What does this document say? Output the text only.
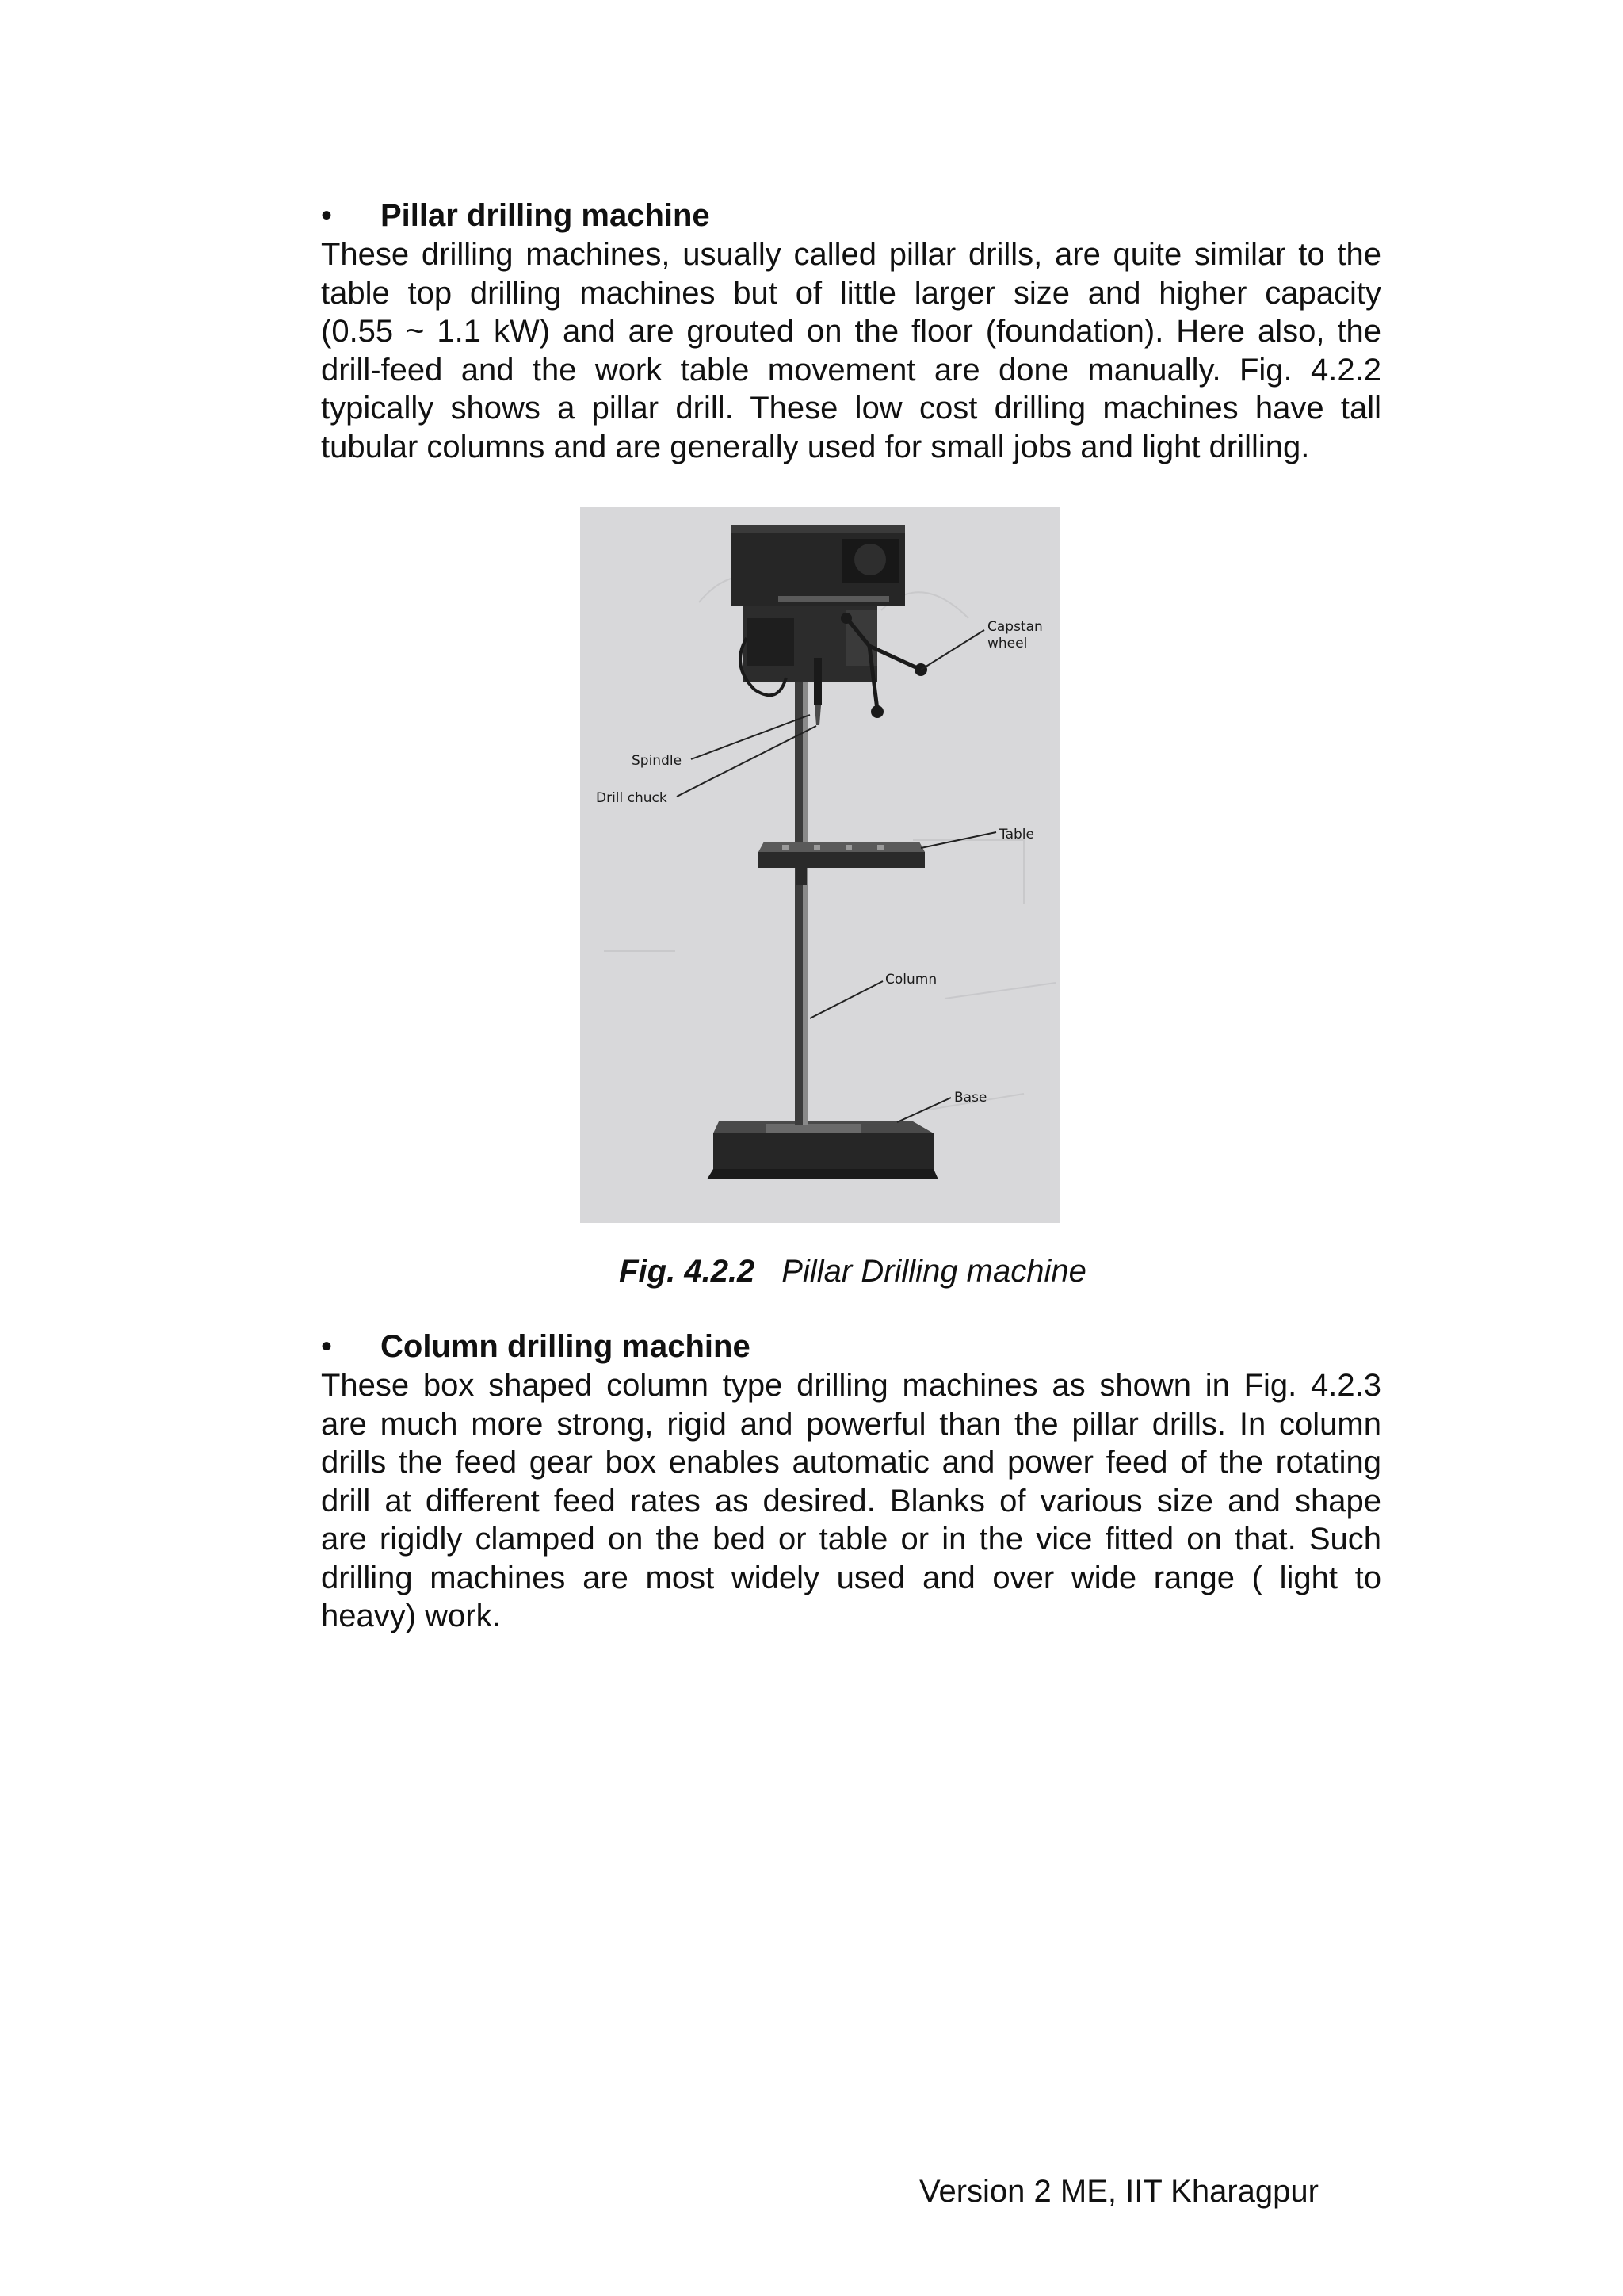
• Pillar drilling machine

These drilling machines, usually called pillar drills, are quite similar to the
table top drilling machines but of little larger size and higher capacity
(0.55 ~ 1.1 kW) and are grouted on the floor (foundation). Here also, the
drill-feed and the work table movement are done manually. Fig. 4.2.2
typically shows a pillar drill. These low cost drilling machines have tall
tubular columns and are generally used for small jobs and light drilling.

Capstan
wheel
Spindle
Drill chuck
Table
Column
Base
Fig. 4.2.2 Pillar Drilling machine
• Column drilling machine

These box shaped column type drilling machines as shown in Fig. 4.2.3
are much more strong, rigid and powerful than the pillar drills. In column
drills the feed gear box enables automatic and power feed of the rotating
drill at different feed rates as desired. Blanks of various size and shape
are rigidly clamped on the bed or table or in the vice fitted on that. Such
drilling machines are most widely used and over wide range ( light to
heavy) work.

Version 2 ME, IIT Kharagpur
